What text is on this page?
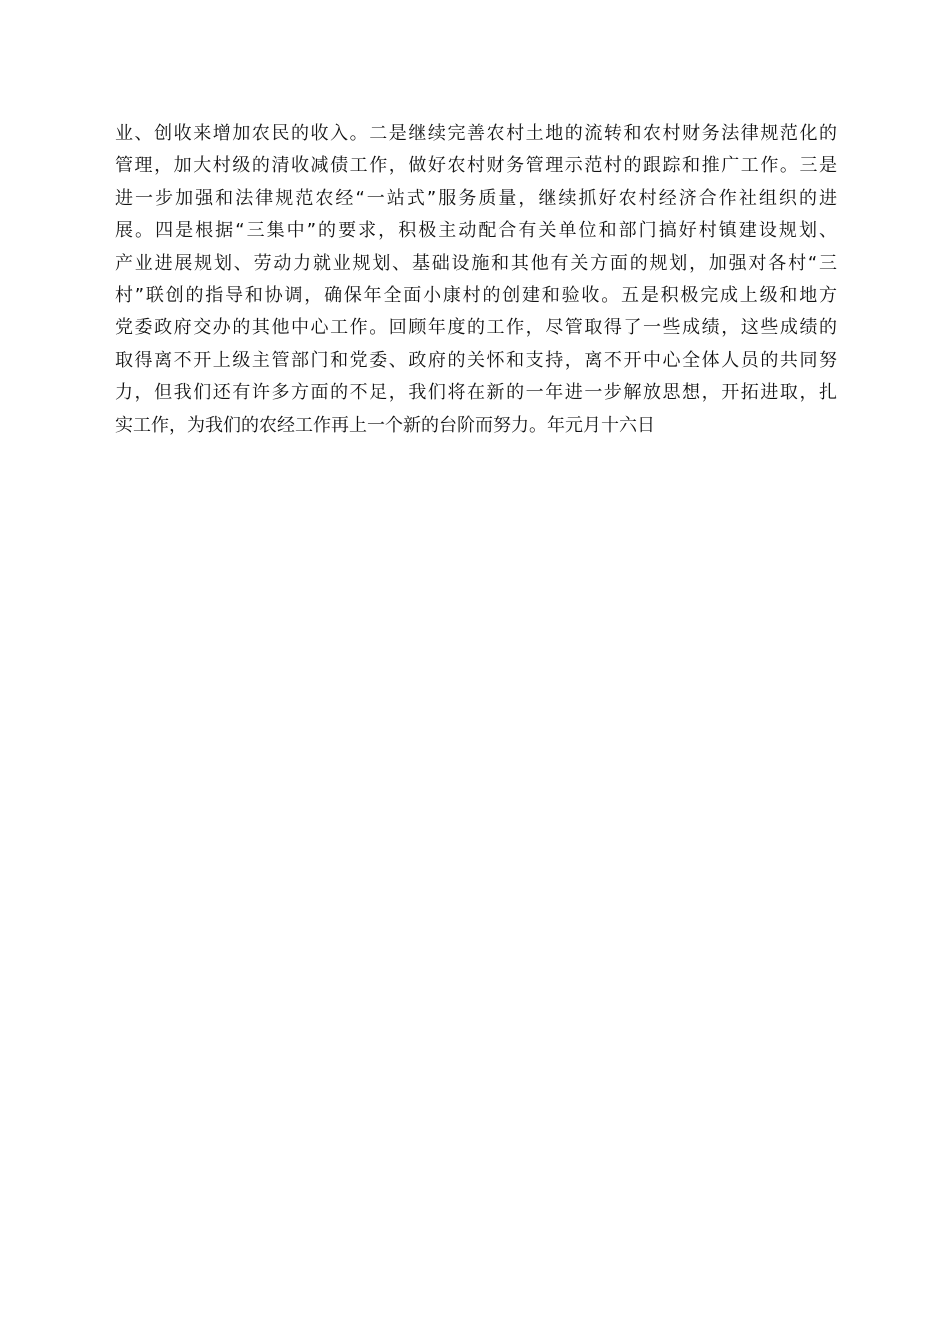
业、创收来增加农民的收入。二是继续完善农村土地的流转和农村财务法律规范化的
管理，加大村级的清收减债工作，做好农村财务管理示范村的跟踪和推广工作。三是
进一步加强和法律规范农经“一站式”服务质量，继续抓好农村经济合作社组织的进
展。四是根据“三集中”的要求，积极主动配合有关单位和部门搞好村镇建设规划、
产业进展规划、劳动力就业规划、基础设施和其他有关方面的规划，加强对各村“三
村”联创的指导和协调，确保年全面小康村的创建和验收。五是积极完成上级和地方
党委政府交办的其他中心工作。回顾年度的工作，尽管取得了一些成绩，这些成绩的
取得离不开上级主管部门和党委、政府的关怀和支持，离不开中心全体人员的共同努
力，但我们还有许多方面的不足，我们将在新的一年进一步解放思想，开拓进取，扎
实工作，为我们的农经工作再上一个新的台阶而努力。年元月十六日
